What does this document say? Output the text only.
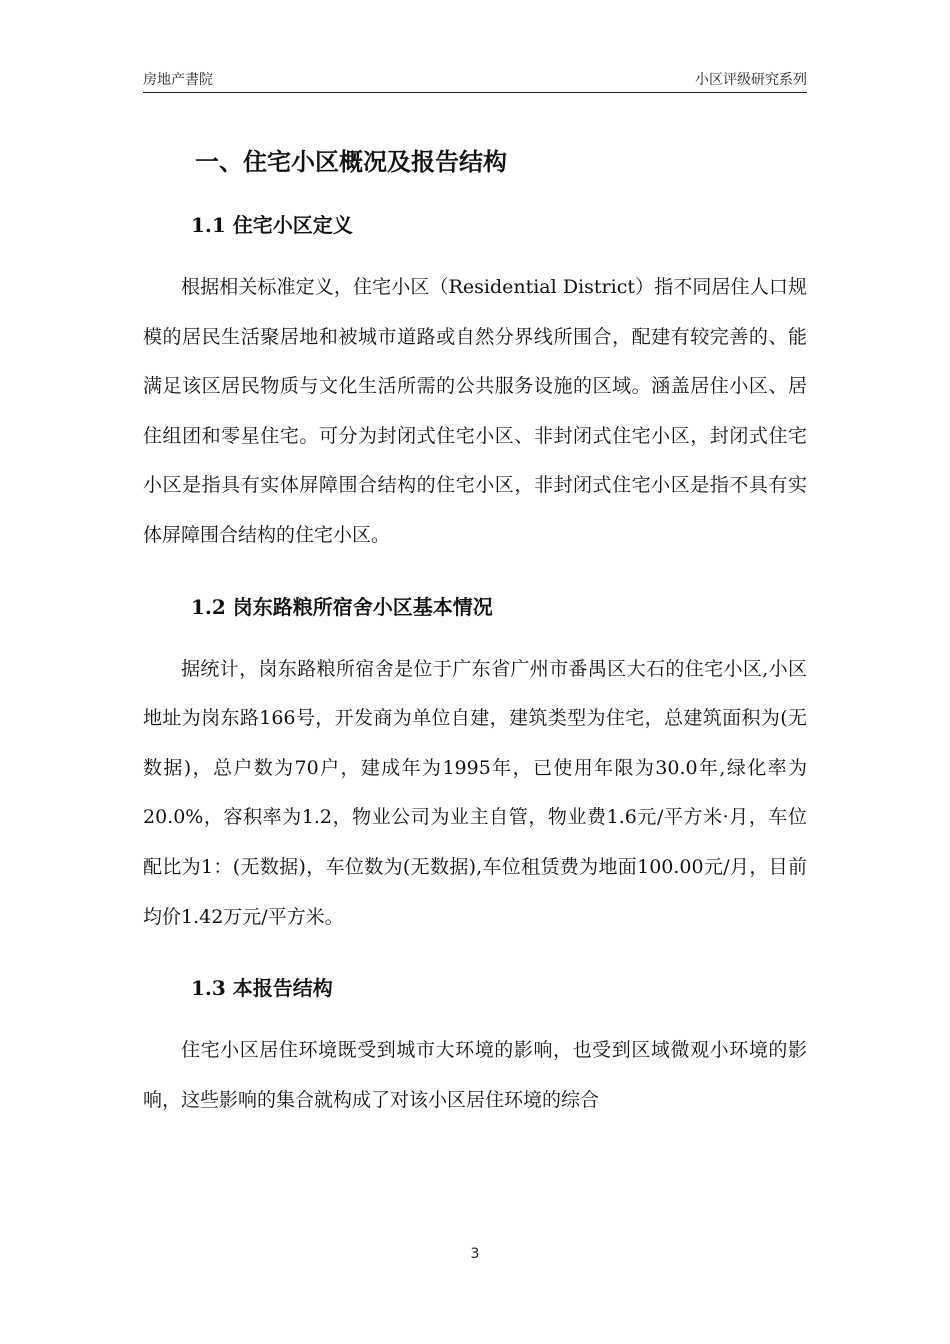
房地产書院	小区评级研究系列
一、住宅小区概况及报告结构
1.1 住宅小区定义

根据相关标准定义，住宅小区（Residential District）指不同居住人口规模的居民生活聚居地和被城市道路或自然分界线所围合，配建有较完善的、能满足该区居民物质与文化生活所需的公共服务设施的区域。涵盖居住小区、居住组团和零星住宅。可分为封闭式住宅小区、非封闭式住宅小区，封闭式住宅小区是指具有实体屏障围合结构的住宅小区，非封闭式住宅小区是指不具有实体屏障围合结构的住宅小区。

1.2 岗东路粮所宿舍小区基本情况

据统计，岗东路粮所宿舍是位于广东省广州市番禺区大石的住宅小区,小区地址为岗东路166号，开发商为单位自建，建筑类型为住宅，总建筑面积为(无数据)，总户数为70户，建成年为1995年，已使用年限为30.0年,绿化率为20.0%，容积率为1.2，物业公司为业主自管，物业费1.6元/平方米·月，车位配比为1：(无数据)，车位数为(无数据),车位租赁费为地面100.00元/月，目前均价1.42万元/平方米。

1.3 本报告结构

住宅小区居住环境既受到城市大环境的影响，也受到区域微观小环境的影响，这些影响的集合就构成了对该小区居住环境的综合

3
